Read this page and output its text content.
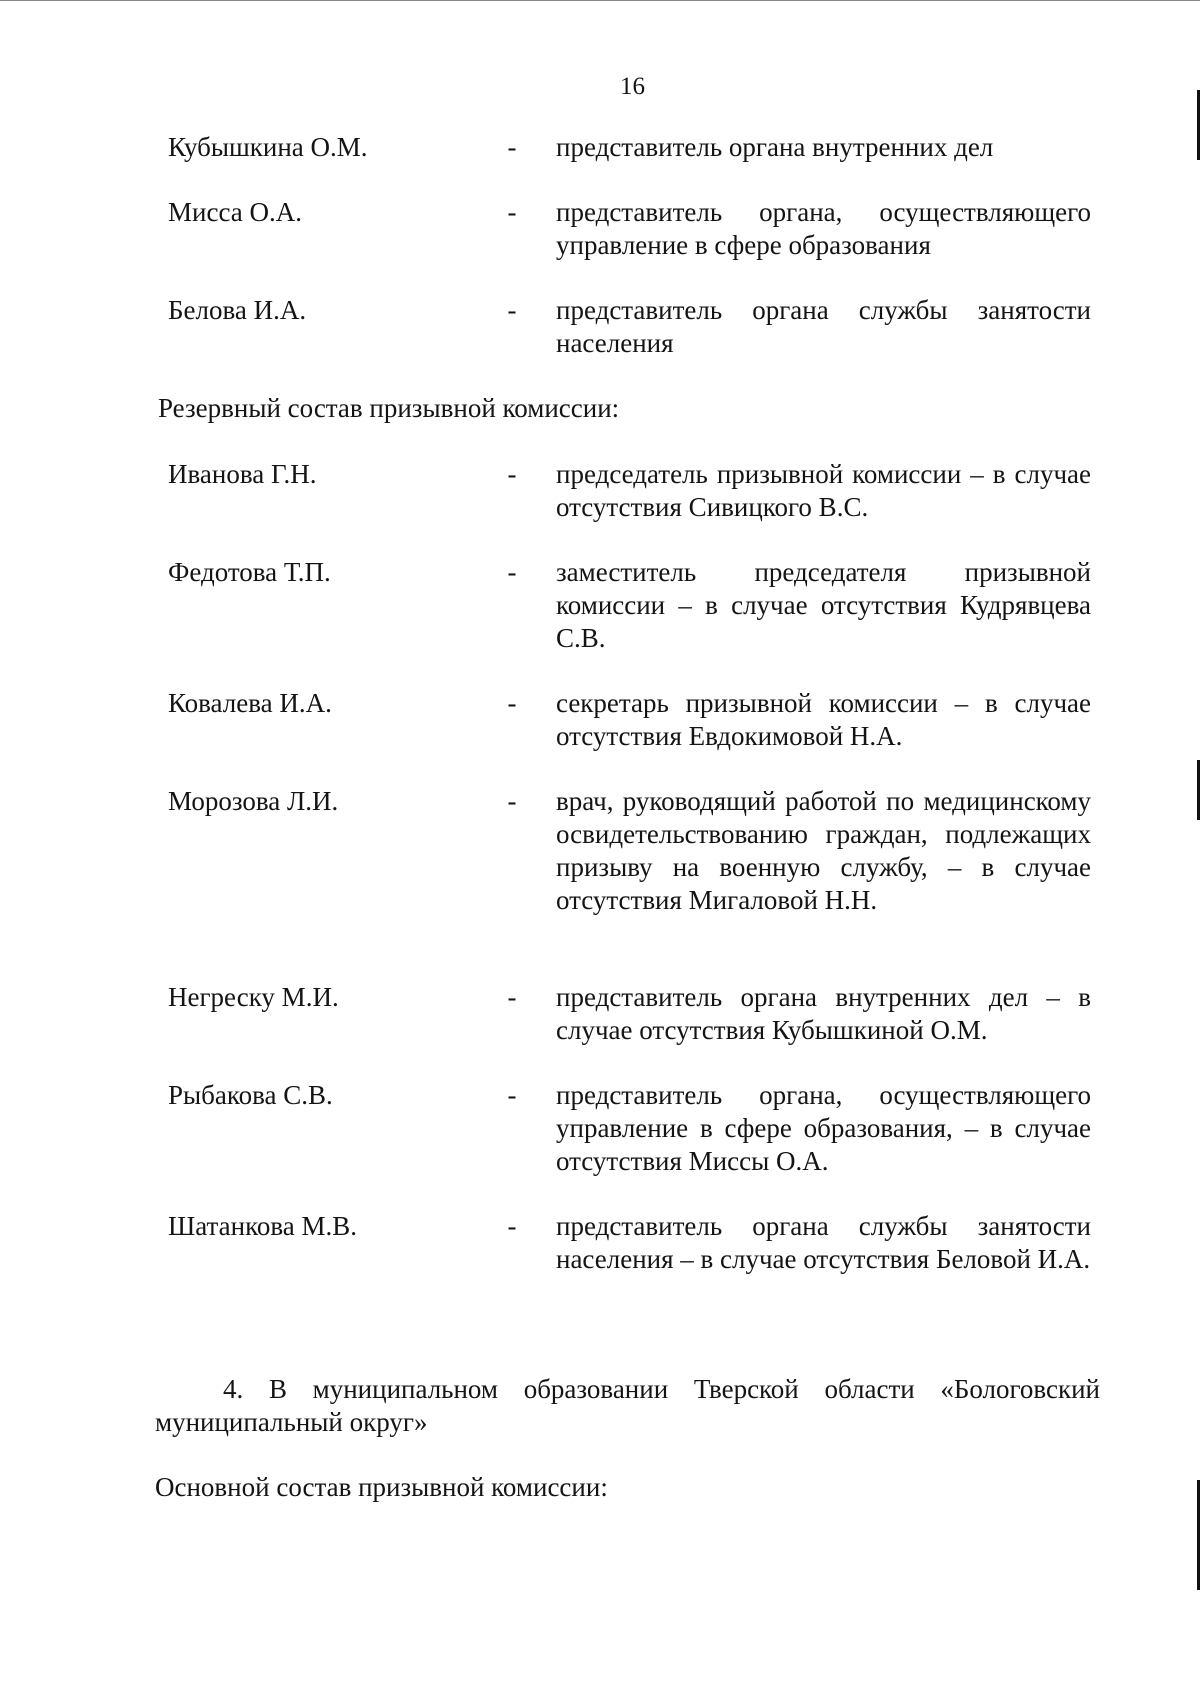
16
Кубышкина О.М.	- представитель органа внутренних дел
Мисса О.А.	- представитель органа, осуществляющего управление в сфере образования
Белова И.А.	- представитель органа службы занятости населения
Резервный состав призывной комиссии:
Иванова Г.Н.	- председатель призывной комиссии – в случае отсутствия Сивицкого В.С.
Федотова Т.П.	- заместитель председателя призывной комиссии – в случае отсутствия Кудрявцева С.В.
Ковалева И.А.	- секретарь призывной комиссии – в случае отсутствия Евдокимовой Н.А.
Морозова Л.И.	- врач, руководящий работой по медицинскому освидетельствованию граждан, подлежащих призыву на военную службу, – в случае отсутствия Мигаловой Н.Н.
Негреску М.И.	- представитель органа внутренних дел – в случае отсутствия Кубышкиной О.М.
Рыбакова С.В.	- представитель органа, осуществляющего управление в сфере образования, – в случае отсутствия Миссы О.А.
Шатанкова М.В.	- представитель органа службы занятости населения – в случае отсутствия Беловой И.А.
4. В муниципальном образовании Тверской области «Бологовский муниципальный округ»
Основной состав призывной комиссии:
